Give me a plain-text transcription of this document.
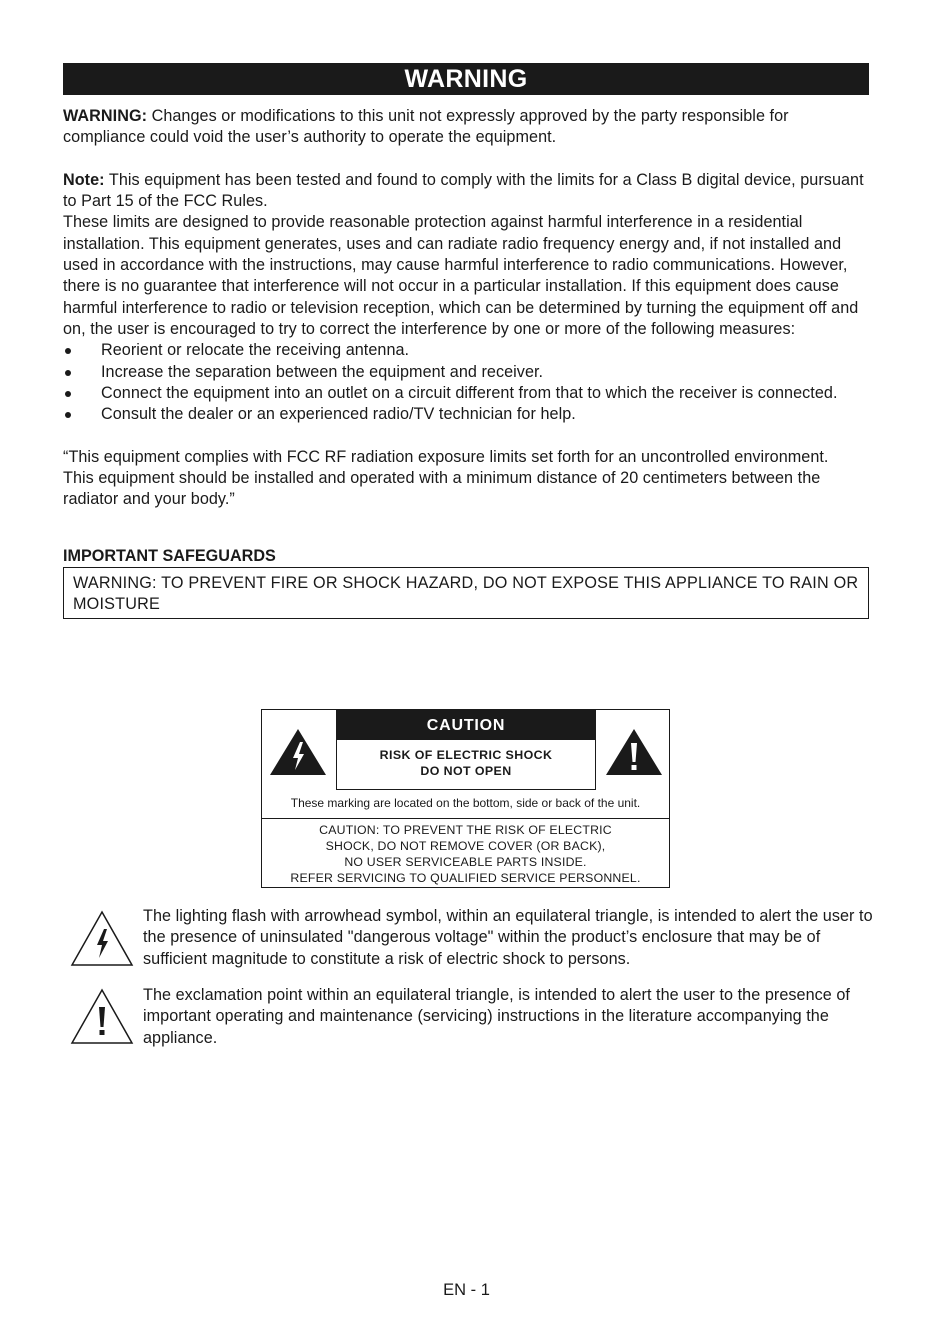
WARNING

WARNING: Changes or modifications to this unit not expressly approved by the party responsible for compliance could void the user’s authority to operate the equipment.

Note: This equipment has been tested and found to comply with the limits for a Class B digital device, pursuant to Part 15 of the FCC Rules.

These limits are designed to provide reasonable protection against harmful interference in a residential installation. This equipment generates, uses and can radiate radio frequency energy and, if not installed and used in accordance with the instructions, may cause harmful interference to radio communications. However, there is no guarantee that interference will not occur in a particular installation. If this equipment does cause harmful interference to radio or television reception, which can be determined by turning the equipment off and on, the user is encouraged to try to correct the interference by one or more of the following measures:

Reorient or relocate the receiving antenna.
Increase the separation between the equipment and receiver.
Connect the equipment into an outlet on a circuit different from that to which the receiver is connected.
Consult the dealer or an experienced radio/TV technician for help.

“This equipment complies with FCC RF radiation exposure limits set forth for an uncontrolled environment.

This equipment should be installed and operated with a minimum distance of 20 centimeters between the radiator and your body.”

IMPORTANT SAFEGUARDS
WARNING: TO PREVENT FIRE OR SHOCK HAZARD, DO NOT EXPOSE THIS APPLIANCE TO RAIN OR MOISTURE
CAUTION
RISK OF ELECTRIC SHOCK
DO NOT OPEN
These marking are located on the bottom, side or back of the unit.
CAUTION: TO PREVENT THE RISK OF ELECTRIC
SHOCK, DO NOT REMOVE COVER (OR BACK),
NO USER SERVICEABLE PARTS INSIDE.
REFER SERVICING TO QUALIFIED SERVICE PERSONNEL.
The lighting flash with arrowhead symbol, within an equilateral triangle, is intended to alert the user to the presence of uninsulated "dangerous voltage" within the product’s enclosure that may be of sufficient magnitude to constitute a risk of electric shock to persons.
The exclamation point within an equilateral triangle, is intended to alert the user to the presence of important operating and maintenance (servicing) instructions in the literature accompanying the appliance.
EN - 1
